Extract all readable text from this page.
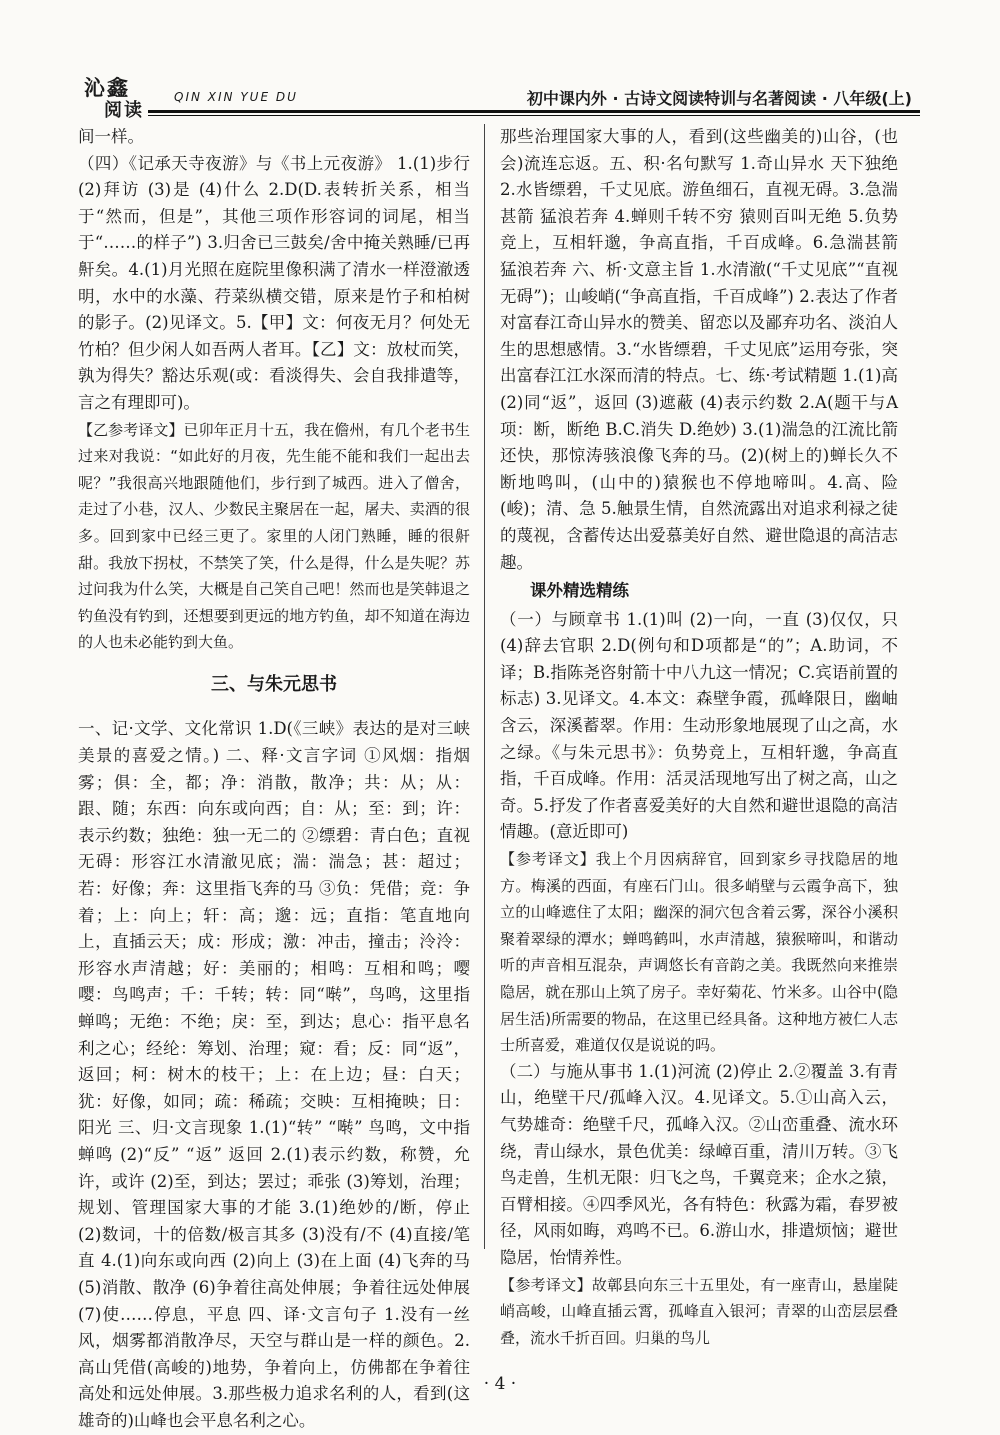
沁鑫
阅读
QIN XIN YUE DU	初中课内外 · 古诗文阅读特训与名著阅读 · 八年级(上)

间一样。

（四）《记承天寺夜游》与《书上元夜游》 1.(1)步行 (2)拜访 (3)是 (4)什么 2.D(D.表转折关系，相当于“然而，但是”，其他三项作形容词的词尾，相当于“……的样子”) 3.归舍已三鼓矣/舍中掩关熟睡/已再鼾矣。4.(1)月光照在庭院里像积满了清水一样澄澈透明，水中的水藻、荇菜纵横交错，原来是竹子和柏树的影子。(2)见译文。5.【甲】文：何夜无月？何处无竹柏？但少闲人如吾两人者耳。【乙】文：放杖而笑，孰为得失？豁达乐观(或：看淡得失、会自我排遣等，言之有理即可)。

【乙参考译文】已卯年正月十五，我在儋州，有几个老书生过来对我说：“如此好的月夜，先生能不能和我们一起出去呢？”我很高兴地跟随他们，步行到了城西。进入了僧舍，走过了小巷，汉人、少数民主聚居在一起，屠夫、卖酒的很多。回到家中已经三更了。家里的人闭门熟睡，睡的很鼾甜。我放下拐杖，不禁笑了笑，什么是得，什么是失呢？苏过问我为什么笑，大概是自己笑自己吧！然而也是笑韩退之钓鱼没有钓到，还想要到更远的地方钓鱼，却不知道在海边的人也未必能钓到大鱼。

三、与朱元思书

一、记·文学、文化常识 1.D(《三峡》表达的是对三峡美景的喜爱之情。) 二、释·文言字词 ①风烟：指烟雾；俱：全，都；净：消散，散净；共：从；从：跟、随；东西：向东或向西；自：从；至：到；许：表示约数；独绝：独一无二的 ②缥碧：青白色；直视无碍：形容江水清澈见底；湍：湍急；甚：超过；若：好像；奔：这里指飞奔的马 ③负：凭借；竞：争着；上：向上；轩：高；邈：远；直指：笔直地向上，直插云天；成：形成；激：冲击，撞击；泠泠：形容水声清越；好：美丽的；相鸣：互相和鸣；嘤嘤：鸟鸣声；千：千转；转：同“啭”，鸟鸣，这里指蝉鸣；无绝：不绝；戾：至，到达；息心：指平息名利之心；经纶：筹划、治理；窥：看；反：同“返”，返回；柯：树木的枝干；上：在上边；昼：白天；犹：好像，如同；疏：稀疏；交映：互相掩映；日：阳光 三、归·文言现象 1.(1)“转” “啭” 鸟鸣，文中指蝉鸣 (2)“反” “返” 返回 2.(1)表示约数，称赞，允许，或许 (2)至，到达；罢过；乖张 (3)筹划，治理；规划、管理国家大事的才能 3.(1)绝妙的/断，停止 (2)数词，十的倍数/极言其多 (3)没有/不 (4)直接/笔直 4.(1)向东或向西 (2)向上 (3)在上面 (4)飞奔的马 (5)消散、散净 (6)争着往高处伸展；争着往远处伸展 (7)使……停息，平息 四、译·文言句子 1.没有一丝风，烟雾都消散净尽，天空与群山是一样的颜色。2.高山凭借(高峻的)地势，争着向上，仿佛都在争着往高处和远处伸展。3.那些极力追求名利的人，看到(这雄奇的)山峰也会平息名利之心。

那些治理国家大事的人，看到(这些幽美的)山谷，(也会)流连忘返。五、积·名句默写 1.奇山异水 天下独绝 2.水皆缥碧，千丈见底。游鱼细石，直视无碍。3.急湍甚箭 猛浪若奔 4.蝉则千转不穷 猿则百叫无绝 5.负势竞上，互相轩邈，争高直指，千百成峰。6.急湍甚箭 猛浪若奔 六、析·文意主旨 1.水清澈(“千丈见底”“直视无碍”)；山峻峭(“争高直指，千百成峰”) 2.表达了作者对富春江奇山异水的赞美、留恋以及鄙弃功名、淡泊人生的思想感情。3.“水皆缥碧，千丈见底”运用夸张，突出富春江江水深而清的特点。七、练·考试精题 1.(1)高 (2)同“返”，返回 (3)遮蔽 (4)表示约数 2.A(题干与A项：断，断绝 B.C.消失 D.绝妙) 3.(1)湍急的江流比箭还快，那惊涛骇浪像飞奔的马。(2)(树上的)蝉长久不断地鸣叫，(山中的)猿猴也不停地啼叫。4.高、险(峻)；清、急 5.触景生情，自然流露出对追求利禄之徒的蔑视，含蓄传达出爱慕美好自然、避世隐退的高洁志趣。

课外精选精练

（一）与顾章书 1.(1)叫 (2)一向，一直 (3)仅仅，只 (4)辞去官职 2.D(例句和D项都是“的”；A.助词，不译；B.指陈尧咨射箭十中八九这一情况；C.宾语前置的标志) 3.见译文。4.本文：森壁争霞，孤峰限日，幽岫含云，深溪蓄翠。作用：生动形象地展现了山之高，水之绿。《与朱元思书》：负势竞上，互相轩邈，争高直指，千百成峰。作用：活灵活现地写出了树之高，山之奇。5.抒发了作者喜爱美好的大自然和避世退隐的高洁情趣。(意近即可)

【参考译文】我上个月因病辞官，回到家乡寻找隐居的地方。梅溪的西面，有座石门山。很多峭壁与云霞争高下，独立的山峰遮住了太阳；幽深的洞穴包含着云雾，深谷小溪积聚着翠绿的潭水；蝉鸣鹤叫，水声清越，猿猴啼叫，和谐动听的声音相互混杂，声调悠长有音韵之美。我既然向来推崇隐居，就在那山上筑了房子。幸好菊花、竹米多。山谷中(隐居生活)所需要的物品，在这里已经具备。这种地方被仁人志士所喜爱，难道仅仅是说说的吗。

（二）与施从事书 1.(1)河流 (2)停止 2.②覆盖 3.有青山，绝壁干尺/孤峰入汉。4.见译文。5.①山高入云，气势雄奇：绝壁千尺，孤峰入汉。②山峦重叠、流水环绕，青山绿水，景色优美：绿嶂百重，清川万转。③飞鸟走兽，生机无限：归飞之鸟，千翼竞来；企水之猿，百臂相接。④四季风光，各有特色：秋露为霜，春罗被径，风雨如晦，鸡鸣不已。6.游山水，排遣烦恼；避世隐居，怡情养性。

【参考译文】故鄣县向东三十五里处，有一座青山，悬崖陡峭高峻，山峰直插云霄，孤峰直入银河；青翠的山峦层层叠叠，流水千折百回。归巢的鸟儿

· 4 ·
